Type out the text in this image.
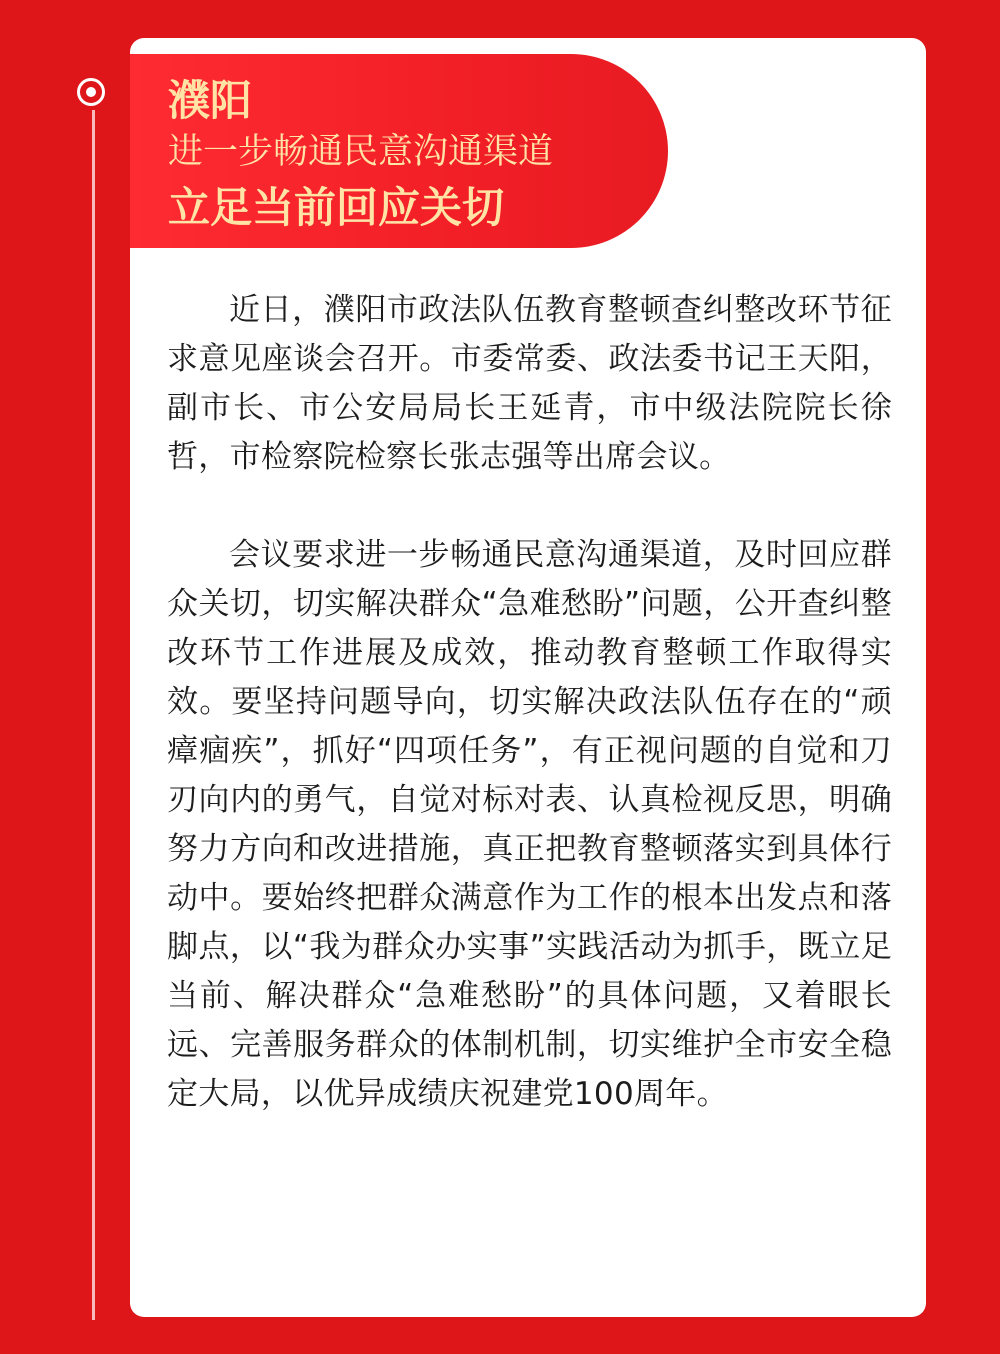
濮阳
进一步畅通民意沟通渠道
立足当前回应关切

近日，濮阳市政法队伍教育整顿查纠整改环节征求意见座谈会召开。市委常委、政法委书记王天阳，副市长、市公安局局长王延青，市中级法院院长徐哲，市检察院检察长张志强等出席会议。

会议要求进一步畅通民意沟通渠道，及时回应群众关切，切实解决群众“急难愁盼”问题，公开查纠整改环节工作进展及成效，推动教育整顿工作取得实效。要坚持问题导向，切实解决政法队伍存在的“顽瘴痼疾”，抓好“四项任务”，有正视问题的自觉和刀刃向内的勇气，自觉对标对表、认真检视反思，明确努力方向和改进措施，真正把教育整顿落实到具体行动中。要始终把群众满意作为工作的根本出发点和落脚点，以“我为群众办实事”实践活动为抓手，既立足当前、解决群众“急难愁盼”的具体问题，又着眼长远、完善服务群众的体制机制，切实维护全市安全稳定大局，以优异成绩庆祝建党100周年。
